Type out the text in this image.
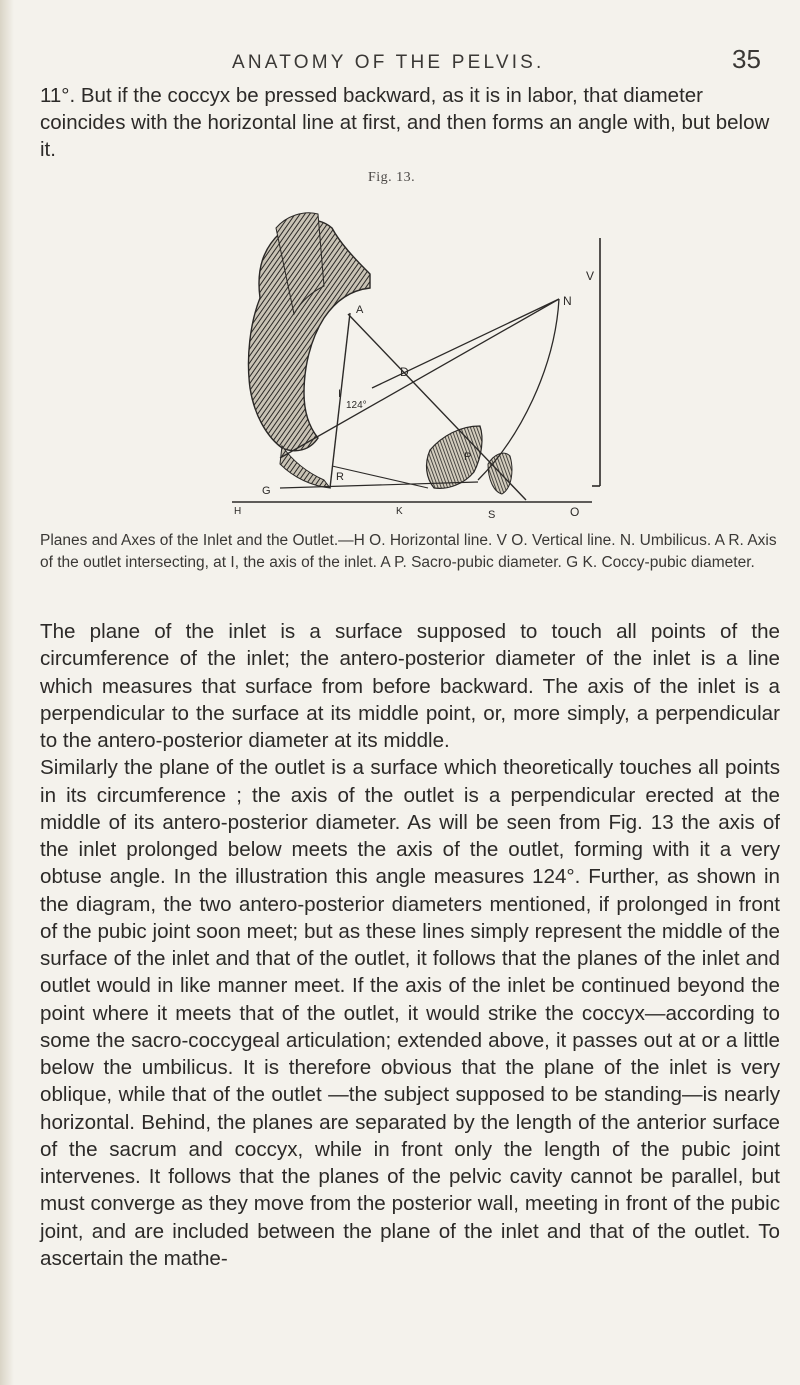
ANATOMY OF THE PELVIS.	35

11°. But if the coccyx be pressed backward, as it is in labor, that diameter coincides with the horizontal line at first, and then forms an angle with, but below it.

Fig. 13.
V
N
A
D
I
124°
P
R
G
H	K	O
S

Planes and Axes of the Inlet and the Outlet.—H O. Horizontal line. V O. Vertical line. N. Umbilicus. A R. Axis of the outlet intersecting, at I, the axis of the inlet. A P. Sacro-pubic diameter. G K. Coccy-pubic diameter.

The plane of the inlet is a surface supposed to touch all points of the circumference of the inlet; the antero-posterior diameter of the inlet is a line which measures that surface from before backward. The axis of the inlet is a perpendicular to the surface at its middle point, or, more simply, a perpendicular to the antero-posterior diameter at its middle.
Similarly the plane of the outlet is a surface which theoretically touches all points in its circumference ; the axis of the outlet is a perpendicular erected at the middle of its antero-posterior diameter. As will be seen from Fig. 13 the axis of the inlet prolonged below meets the axis of the outlet, forming with it a very obtuse angle. In the illustration this angle measures 124°. Further, as shown in the diagram, the two antero-posterior diameters mentioned, if prolonged in front of the pubic joint soon meet; but as these lines simply represent the middle of the surface of the inlet and that of the outlet, it follows that the planes of the inlet and outlet would in like manner meet. If the axis of the inlet be continued beyond the point where it meets that of the outlet, it would strike the coccyx—according to some the sacro-coccygeal articulation; extended above, it passes out at or a little below the umbilicus. It is therefore obvious that the plane of the inlet is very oblique, while that of the outlet —the subject supposed to be standing—is nearly horizontal. Behind, the planes are separated by the length of the anterior surface of the sacrum and coccyx, while in front only the length of the pubic joint intervenes. It follows that the planes of the pelvic cavity cannot be parallel, but must converge as they move from the posterior wall, meeting in front of the pubic joint, and are included between the plane of the inlet and that of the outlet. To ascertain the mathe-
